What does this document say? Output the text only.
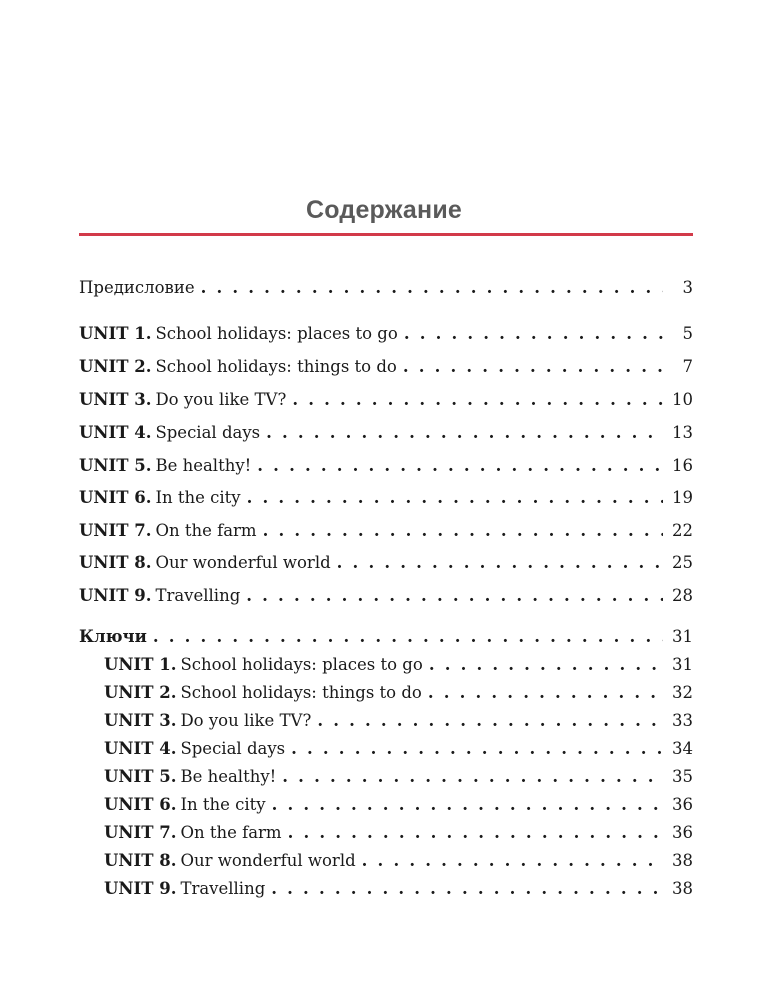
Содержание
Предисловие . . .	3
UNIT 1. School holidays: places to go . . .	5
UNIT 2. School holidays: things to do . . .	7
UNIT 3. Do you like TV? . . .	10
UNIT 4. Special days . . .	13
UNIT 5. Be healthy! . . .	16
UNIT 6. In the city . . .	19
UNIT 7. On the farm . . .	22
UNIT 8. Our wonderful world . . .	25
UNIT 9. Travelling . . .	28
Ключи . . .	31
UNIT 1. School holidays: places to go . . .	31
UNIT 2. School holidays: things to do . . .	32
UNIT 3. Do you like TV? . . .	33
UNIT 4. Special days . . .	34
UNIT 5. Be healthy! . . .	35
UNIT 6. In the city . . .	36
UNIT 7. On the farm . . .	36
UNIT 8. Our wonderful world . . .	38
UNIT 9. Travelling . . .	38
